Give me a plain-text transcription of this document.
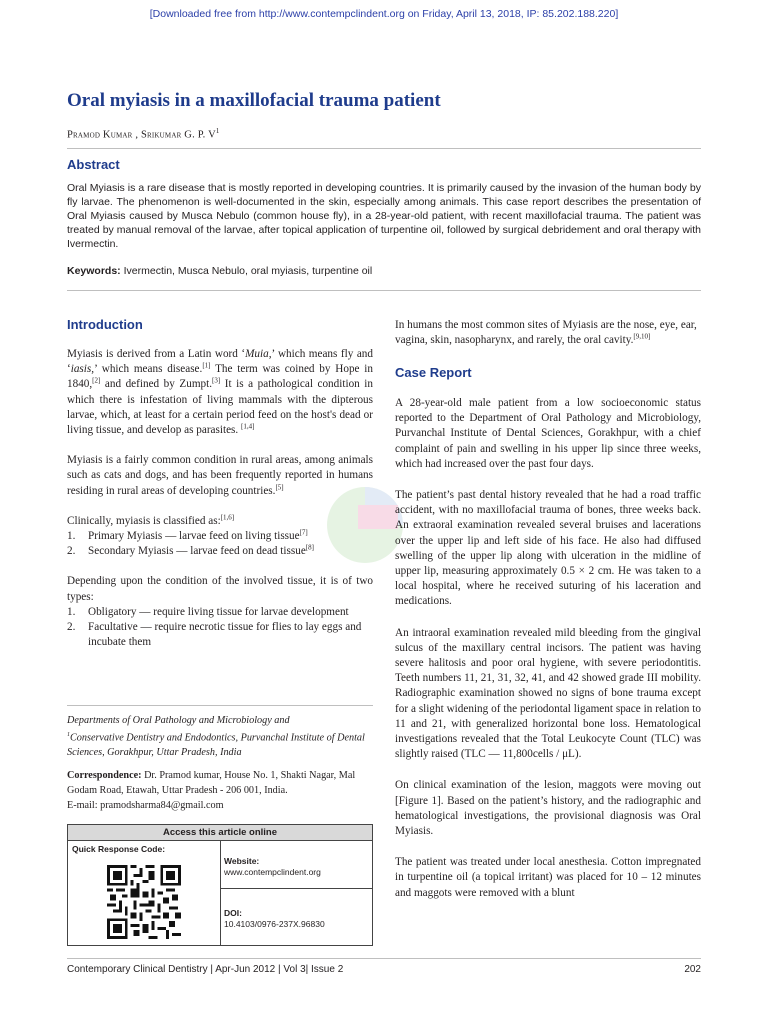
[Downloaded free from http://www.contempclindent.org on Friday, April 13, 2018, IP: 85.202.188.220]
Oral myiasis in a maxillofacial trauma patient
Pramod Kumar , Srikumar G. P. $V^1$
Abstract
Oral Myiasis is a rare disease that is mostly reported in developing countries. It is primarily caused by the invasion of the human body by fly larvae. The phenomenon is well-documented in the skin, especially among animals. This case report describes the presentation of Oral Myiasis caused by Musca Nebulo (common house fly), in a 28-year-old patient, with recent maxillofacial trauma. The patient was treated by manual removal of the larvae, after topical application of turpentine oil, followed by surgical debridement and oral therapy with Ivermectin.
Keywords: Ivermectin, Musca Nebulo, oral myiasis, turpentine oil
Introduction

Myiasis is derived from a Latin word ‘Muia,’ which means fly and ‘iasis,’ which means disease.[1] The term was coined by Hope in 1840,[2] and defined by Zumpt.[3] It is a pathological condition in which there is infestation of living mammals with the dipterous larvae, which, at least for a certain period feed on the host's dead or living tissue, and develop as parasites. [1,4]

Myiasis is a fairly common condition in rural areas, among animals such as cats and dogs, and has been frequently reported in humans residing in rural areas of developing countries.[5]

Clinically, myiasis is classified as:[1,6]

1. Primary Myiasis — larvae feed on living tissue[7]
2. Secondary Myiasis — larvae feed on dead tissue[8]

Depending upon the condition of the involved tissue, it is of two types:

1. Obligatory — require living tissue for larvae development
2. Facultative — require necrotic tissue for flies to lay eggs and incubate them
Departments of Oral Pathology and Microbiology and
$^1$Conservative Dentistry and Endodontics, Purvanchal Institute of Dental Sciences, Gorakhpur, Uttar Pradesh, India
Correspondence: Dr. Pramod kumar, House No. 1, Shakti Nagar, Mal Godam Road, Etawah, Uttar Pradesh - 206 001, India.
E-mail: pramodsharma84@gmail.com
Access this article online
Quick Response Code:
Website:
www.contempclindent.org
DOI:
10.4103/0976-237X.96830

In humans the most common sites of Myiasis are the nose, eye, ear, vagina, skin, nasopharynx, and rarely, the oral cavity.[9,10]

Case Report

A 28-year-old male patient from a low socioeconomic status reported to the Department of Oral Pathology and Microbiology, Purvanchal Institute of Dental Sciences, Gorakhpur, with a chief complaint of pain and swelling in his upper lip since three weeks, which had increased over the past four days.

The patient’s past dental history revealed that he had a road traffic accident, with no maxillofacial trauma of bones, three weeks back. An extraoral examination revealed several bruises and lacerations over the upper lip and left side of his face. He also had diffused swelling of the upper lip along with ulceration in the midline of upper lip, measuring approximately 0.5 × 2 cm. He was taken to a local hospital, where he received suturing of his laceration and medications.

An intraoral examination revealed mild bleeding from the gingival sulcus of the maxillary central incisors. The patient was having severe halitosis and poor oral hygiene, with severe periodontitis. Teeth numbers 11, 21, 31, 32, 41, and 42 showed grade III mobility. Radiographic examination showed no signs of bone trauma except for a slight widening of the periodontal ligament space in relation to 11 and 21, with generalized horizontal bone loss. Hematological investigations revealed that the Total Leukocyte Count (TLC) was slightly raised (TLC — 11,800cells / μL).

On clinical examination of the lesion, maggots were moving out [Figure 1]. Based on the patient’s history, and the radiographic and hematological investigations, the provisional diagnosis was Oral Myiasis.

The patient was treated under local anesthesia. Cotton impregnated in turpentine oil (a topical irritant) was placed for 10 – 12 minutes and maggots were removed with a blunt

Contemporary Clinical Dentistry | Apr-Jun 2012 | Vol 3| Issue 2	202
